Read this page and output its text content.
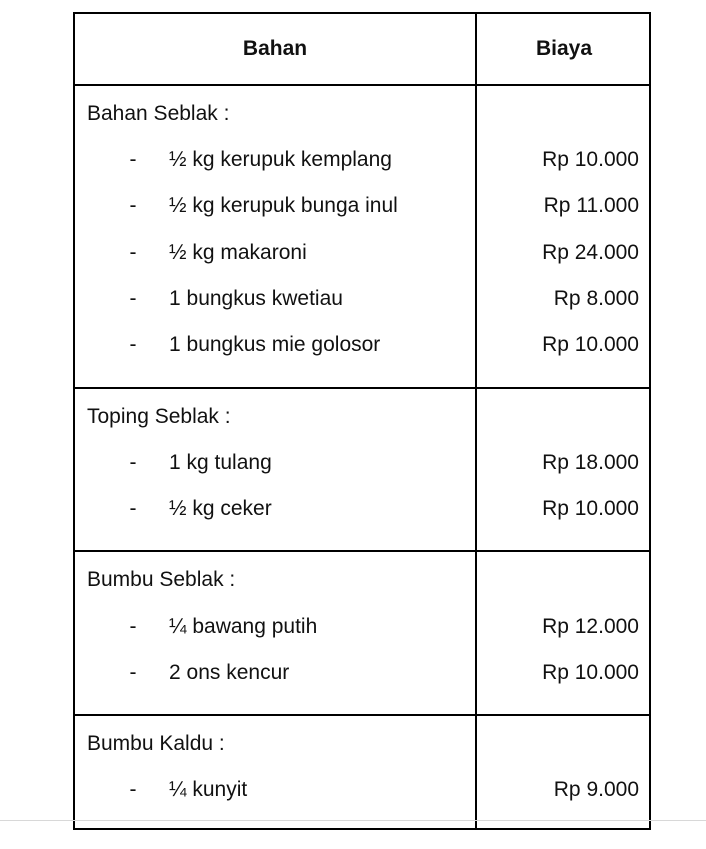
Bahan	Biaya
Bahan Seblak :
- ½ kg kerupuk kemplang	Rp 10.000
- ½ kg kerupuk bunga inul	Rp 11.000
- ½ kg makaroni	Rp 24.000
- 1 bungkus kwetiau	Rp 8.000
- 1 bungkus mie golosor	Rp 10.000
Toping Seblak :
- 1 kg tulang	Rp 18.000
- ½ kg ceker	Rp 10.000
Bumbu Seblak :
- ¼ bawang putih	Rp 12.000
- 2 ons kencur	Rp 10.000
Bumbu Kaldu :
- ¼ kunyit	Rp 9.000
